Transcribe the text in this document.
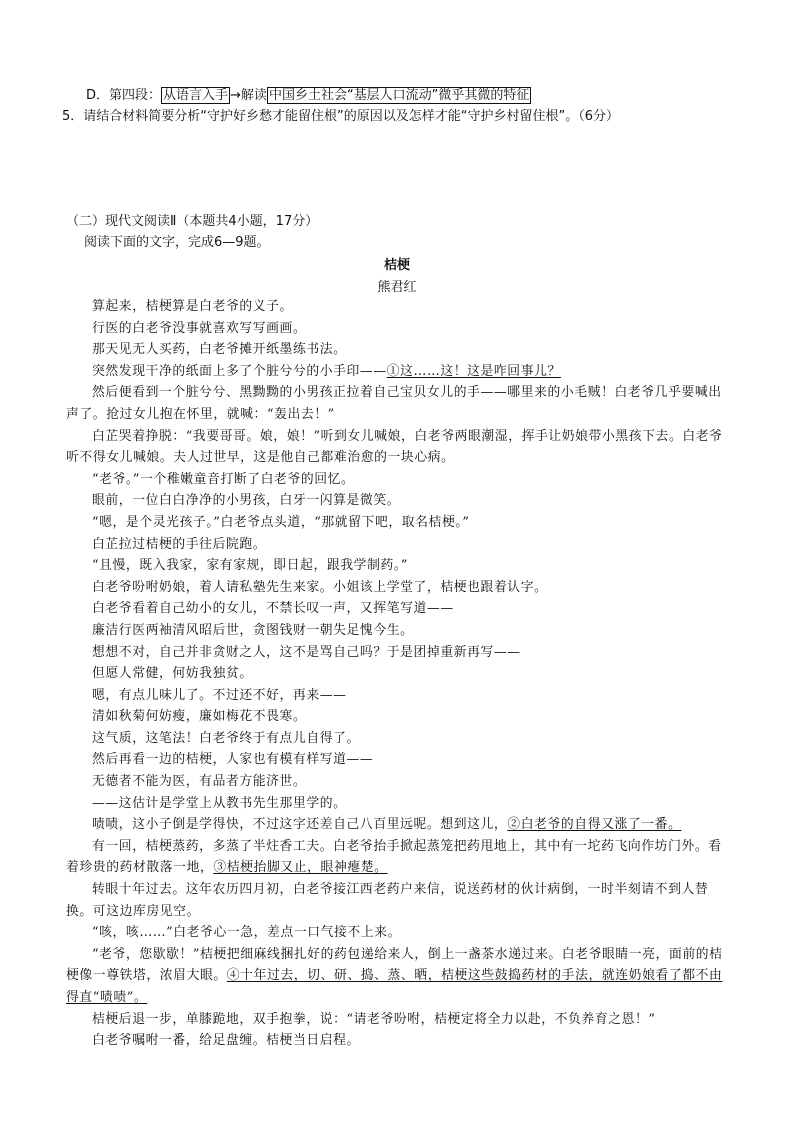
D．第四段： 从语言入手 →解读 中国乡土社会“基层人口流动”微乎其微的特征
5．请结合材料简要分析“守护好乡愁才能留住根”的原因以及怎样才能“守护乡村留住根”。（6分）
（二）现代文阅读Ⅱ（本题共4小题，17分）
阅读下面的文字，完成6—9题。
桔梗
熊君红

算起来，桔梗算是白老爷的义子。

行医的白老爷没事就喜欢写写画画。

那天见无人买药，白老爷摊开纸墨练书法。

突然发现干净的纸面上多了个脏兮兮的小手印——①这……这！这是咋回事儿？

然后便看到一个脏兮兮、黑黝黝的小男孩正拉着自己宝贝女儿的手——哪里来的小毛贼！白老爷几乎要喊出声了。抢过女儿抱在怀里，就喊：“轰出去！”

白芷哭着挣脱：“我要哥哥。娘，娘！”听到女儿喊娘，白老爷两眼潮湿，挥手让奶娘带小黑孩下去。白老爷听不得女儿喊娘。夫人过世早，这是他自己都难治愈的一块心病。

“老爷。”一个稚嫩童音打断了白老爷的回忆。

眼前，一位白白净净的小男孩，白牙一闪算是微笑。

“嗯，是个灵光孩子。”白老爷点头道，“那就留下吧，取名桔梗。”

白芷拉过桔梗的手往后院跑。

“且慢，既入我家，家有家规，即日起，跟我学制药。”

白老爷吩咐奶娘，着人请私塾先生来家。小姐该上学堂了，桔梗也跟着认字。

白老爷看着自己幼小的女儿，不禁长叹一声，又挥笔写道——

廉洁行医两袖清风昭后世，贪图钱财一朝失足愧今生。

想想不对，自己并非贪财之人，这不是骂自己吗？于是团掉重新再写——

但愿人常健，何妨我独贫。

嗯，有点儿味儿了。不过还不好，再来——

清如秋菊何妨瘦，廉如梅花不畏寒。

这气质，这笔法！白老爷终于有点儿自得了。

然后再看一边的桔梗，人家也有模有样写道——

无德者不能为医，有品者方能济世。

——这估计是学堂上从教书先生那里学的。

啧啧，这小子倒是学得快，不过这字还差自己八百里远呢。想到这儿，②白老爷的自得又涨了一番。

有一回，桔梗蒸药，多蒸了半炷香工夫。白老爷抬手掀起蒸笼把药甩地上，其中有一坨药飞向作坊门外。看着珍贵的药材散落一地，③桔梗抬脚又止，眼神瘪楚。

转眼十年过去。这年农历四月初，白老爷接江西老药户来信，说送药材的伙计病倒，一时半刻请不到人替换。可这边库房见空。

“咳，咳……”白老爷心一急，差点一口气接不上来。

“老爷，您歇歇！”桔梗把细麻线捆扎好的药包递给来人，倒上一盏茶水递过来。白老爷眼睛一亮，面前的桔梗像一尊铁塔，浓眉大眼。④十年过去，切、研、捣、蒸、晒，桔梗这些鼓捣药材的手法，就连奶娘看了都不由得直“啧啧”。

桔梗后退一步，单膝跪地，双手抱拳，说：“请老爷吩咐，桔梗定将全力以赴，不负养育之恩！”

白老爷嘱咐一番，给足盘缠。桔梗当日启程。
